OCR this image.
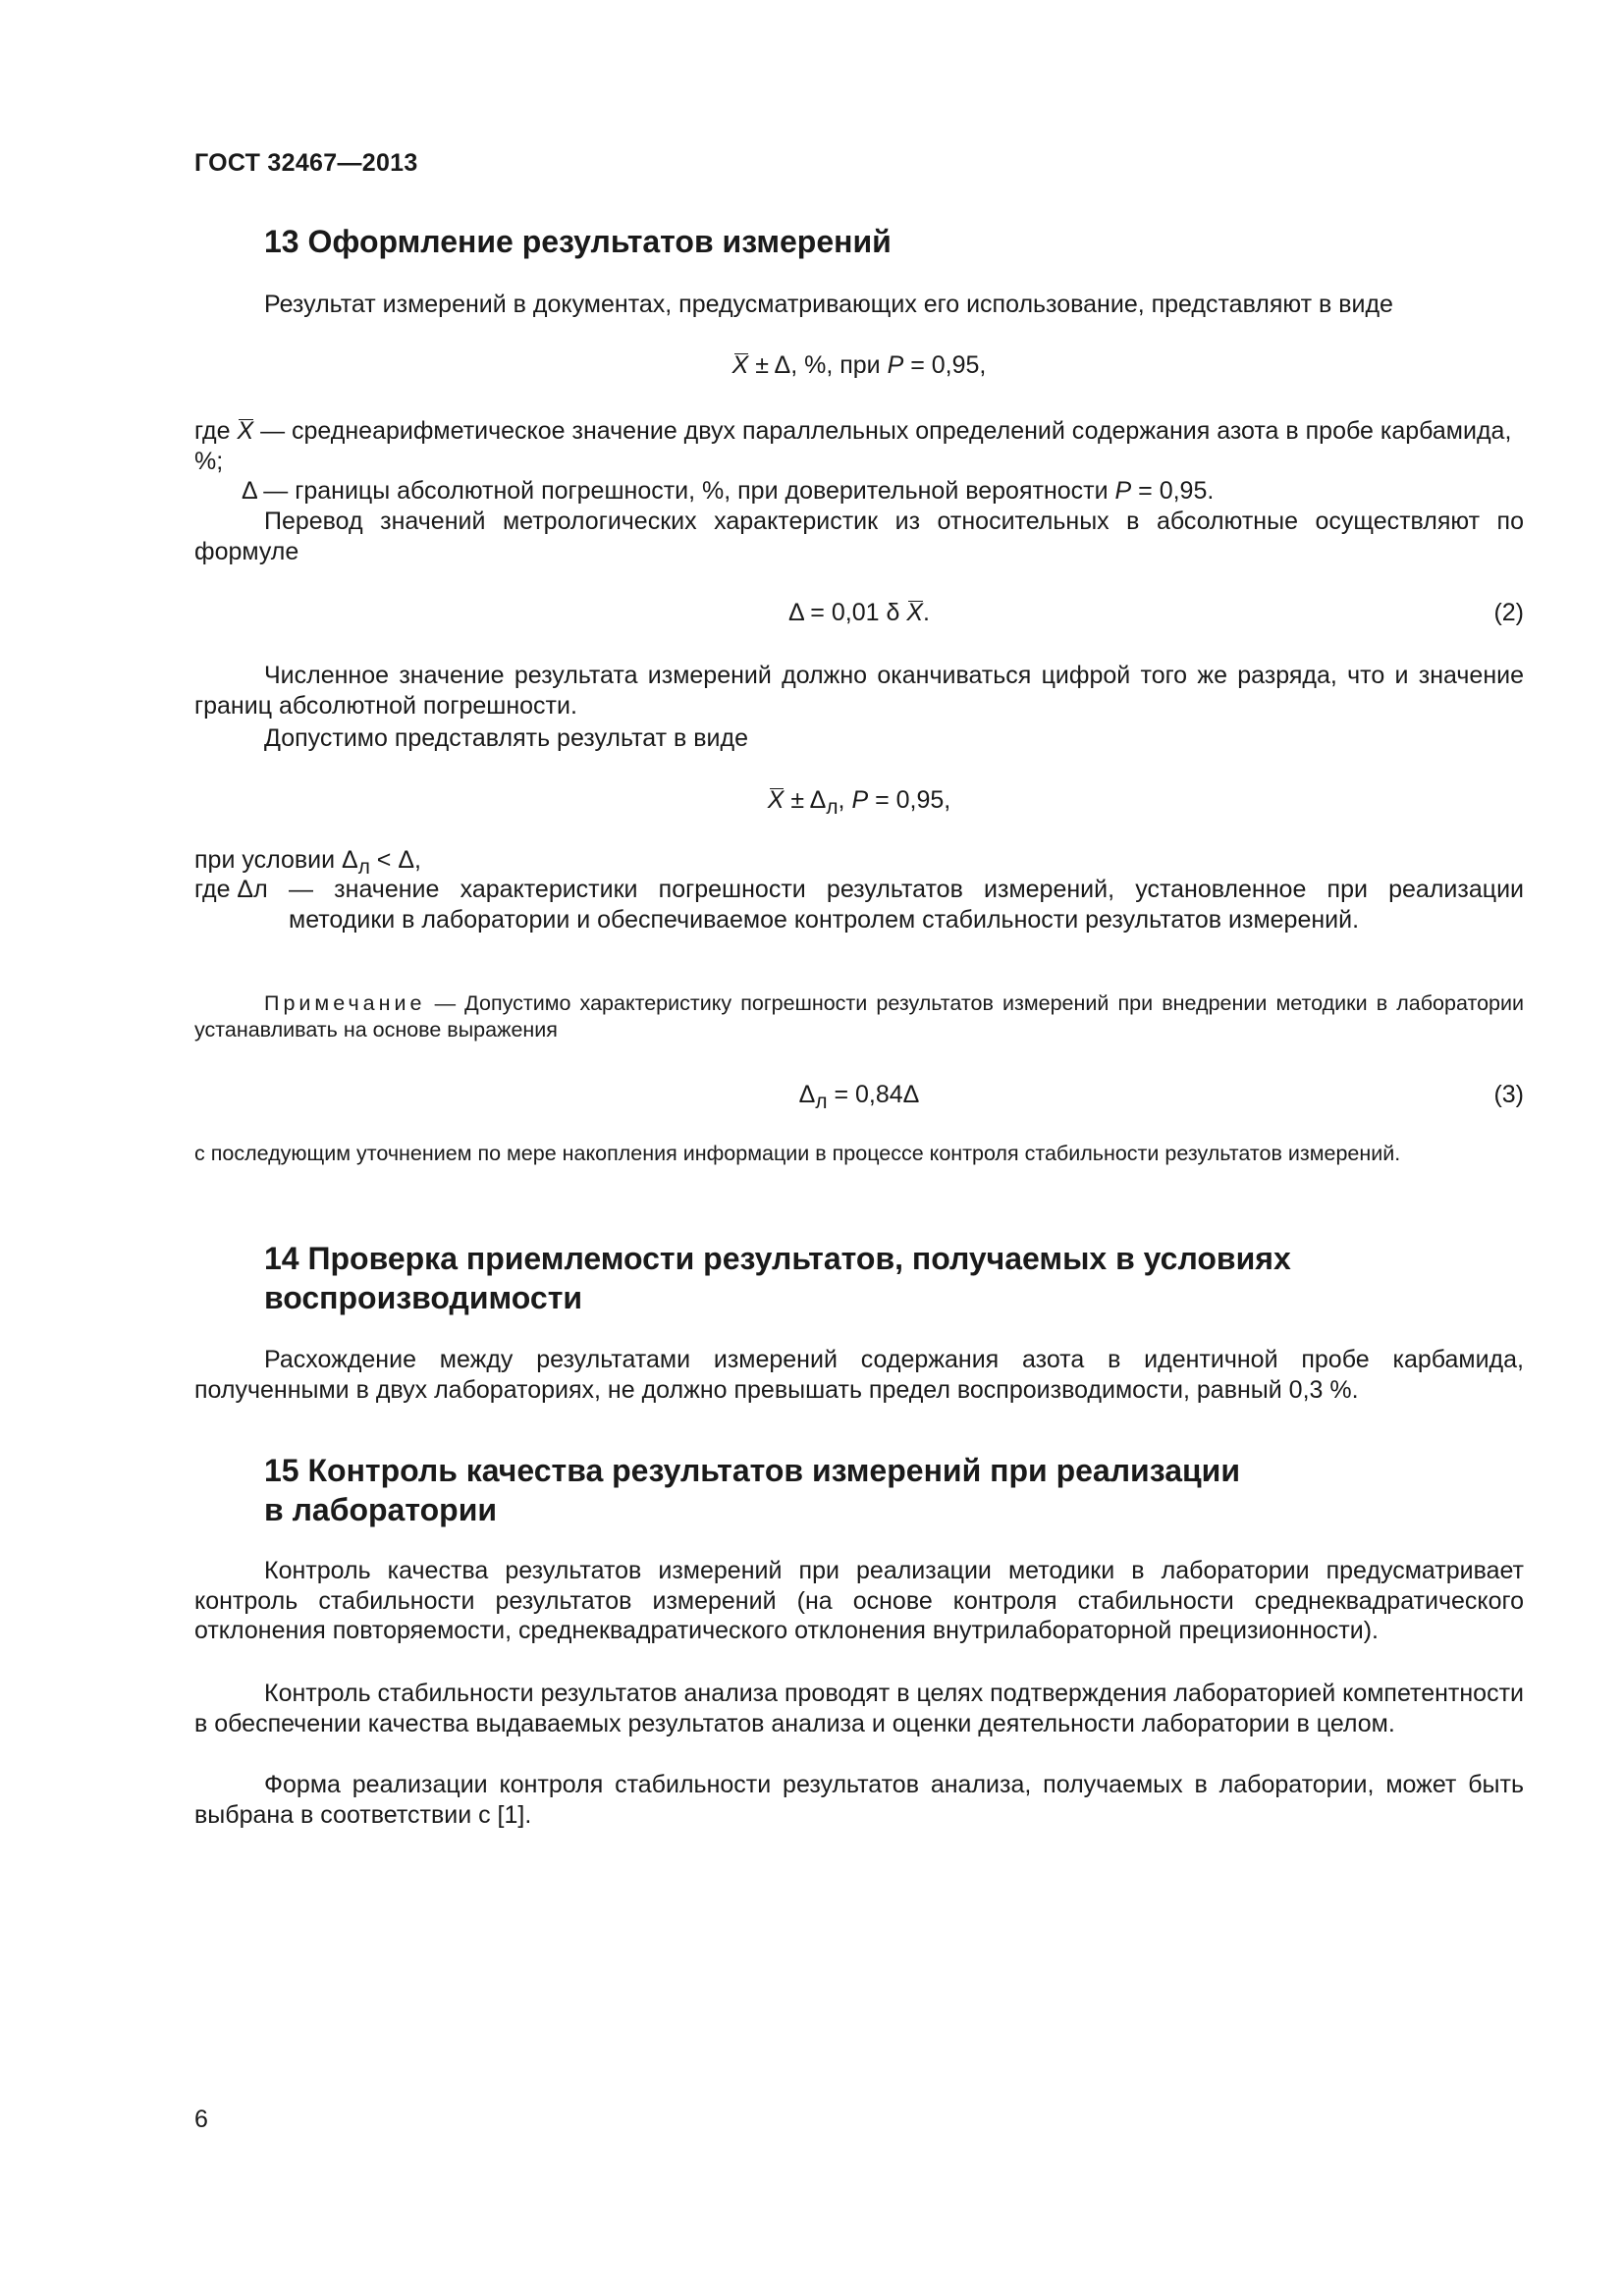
ГОСТ 32467—2013
13 Оформление результатов измерений

Результат измерений в документах, предусматривающих его использование, представляют в виде

X ± Δ, %, при P = 0,95,
где X — среднеарифметическое значение двух параллельных определений содержания азота в пробе карбамида, %;
Δ — границы абсолютной погрешности, %, при доверительной вероятности P = 0,95.

Перевод значений метрологических характеристик из относительных в абсолютные осуществляют по формуле

Δ = 0,01 δ X.	(2)

Численное значение результата измерений должно оканчиваться цифрой того же разряда, что и значение границ абсолютной погрешности.

Допустимо представлять результат в виде

$X \pm \Delta_л$, P = 0,95,
при условии $\Delta_л < \Delta$,
где Δл — значение характеристики погрешности результатов измерений, установленное при реализации методики в лаборатории и обеспечиваемое контролем стабильности результатов измерений.

Примечание — Допустимо характеристику погрешности результатов измерений при внедрении методики в лаборатории устанавливать на основе выражения

$\Delta_л = 0,84\Delta$	(3)

с последующим уточнением по мере накопления информации в процессе контроля стабильности результатов измерений.

14 Проверка приемлемости результатов, получаемых в условиях
воспроизводимости

Расхождение между результатами измерений содержания азота в идентичной пробе карбамида, полученными в двух лабораториях, не должно превышать предел воспроизводимости, равный 0,3 %.

15 Контроль качества результатов измерений при реализации
в лаборатории

Контроль качества результатов измерений при реализации методики в лаборатории предусматривает контроль стабильности результатов измерений (на основе контроля стабильности среднеквадратического отклонения повторяемости, среднеквадратического отклонения внутрилабораторной прецизионности).

Контроль стабильности результатов анализа проводят в целях подтверждения лабораторией компетентности в обеспечении качества выдаваемых результатов анализа и оценки деятельности лаборатории в целом.

Форма реализации контроля стабильности результатов анализа, получаемых в лаборатории, может быть выбрана в соответствии с [1].

6
